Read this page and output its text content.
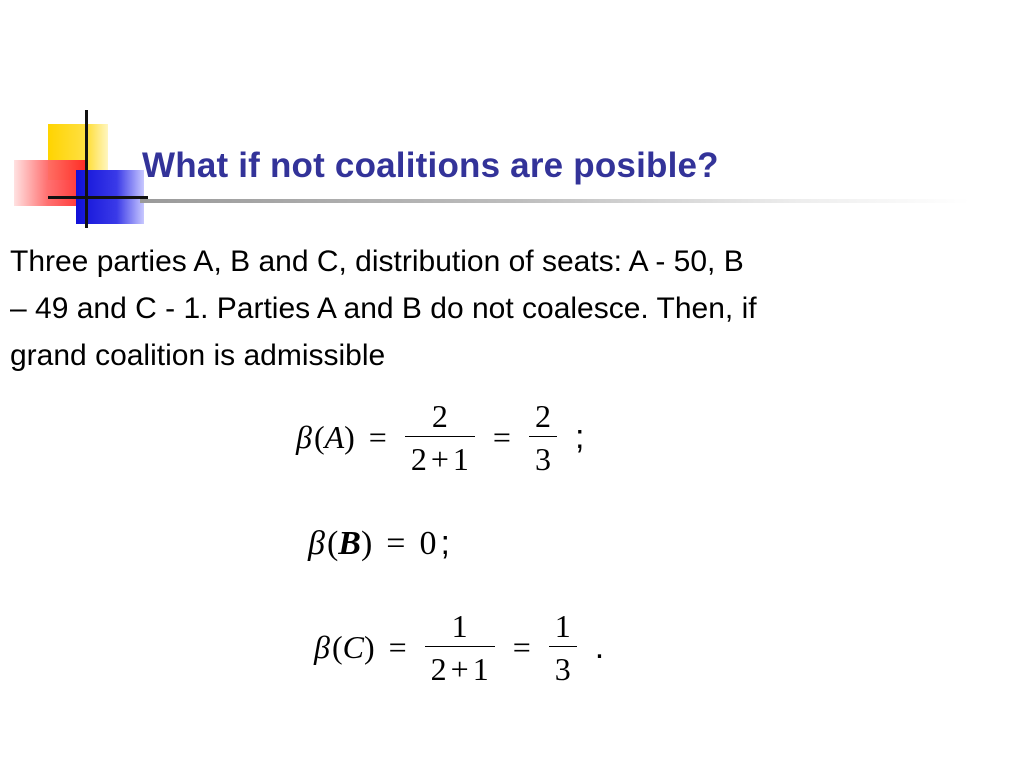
What if not coalitions are posible?

Three parties A, B and C, distribution of seats: A - 50, B
– 49 and C - 1. Parties A and B do not coalesce. Then, if
grand coalition is admissible

β ( A ) = $\frac{2}{2 + 1} = \frac{2}{3}$ ;
β ( B ) = 0 ;
β ( C ) = $\frac{1}{2 + 1} = \frac{1}{3}$ .
